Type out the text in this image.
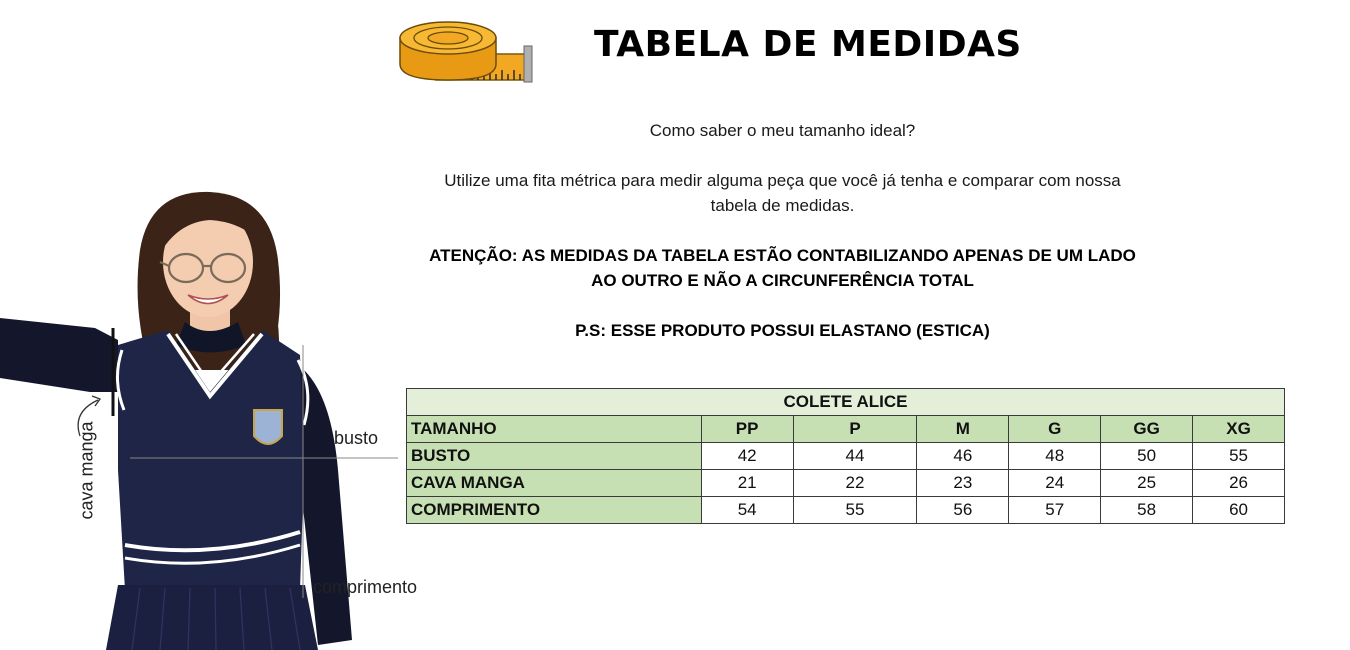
TABELA DE MEDIDAS
Como saber o meu tamanho ideal?
Utilize uma fita métrica para medir alguma peça que você já tenha e comparar com nossa tabela de medidas.
ATENÇÃO: AS MEDIDAS DA TABELA ESTÃO CONTABILIZANDO APENAS DE UM LADO AO OUTRO E NÃO A CIRCUNFERÊNCIA TOTAL
P.S: ESSE PRODUTO POSSUI ELASTANO (ESTICA)
COLETE ALICE						
TAMANHO	PP	P	M	G	GG	XG
BUSTO	42	44	46	48	50	55
CAVA MANGA	21	22	23	24	25	26
COMPRIMENTO	54	55	56	57	58	60
busto
comprimento
cava manga
